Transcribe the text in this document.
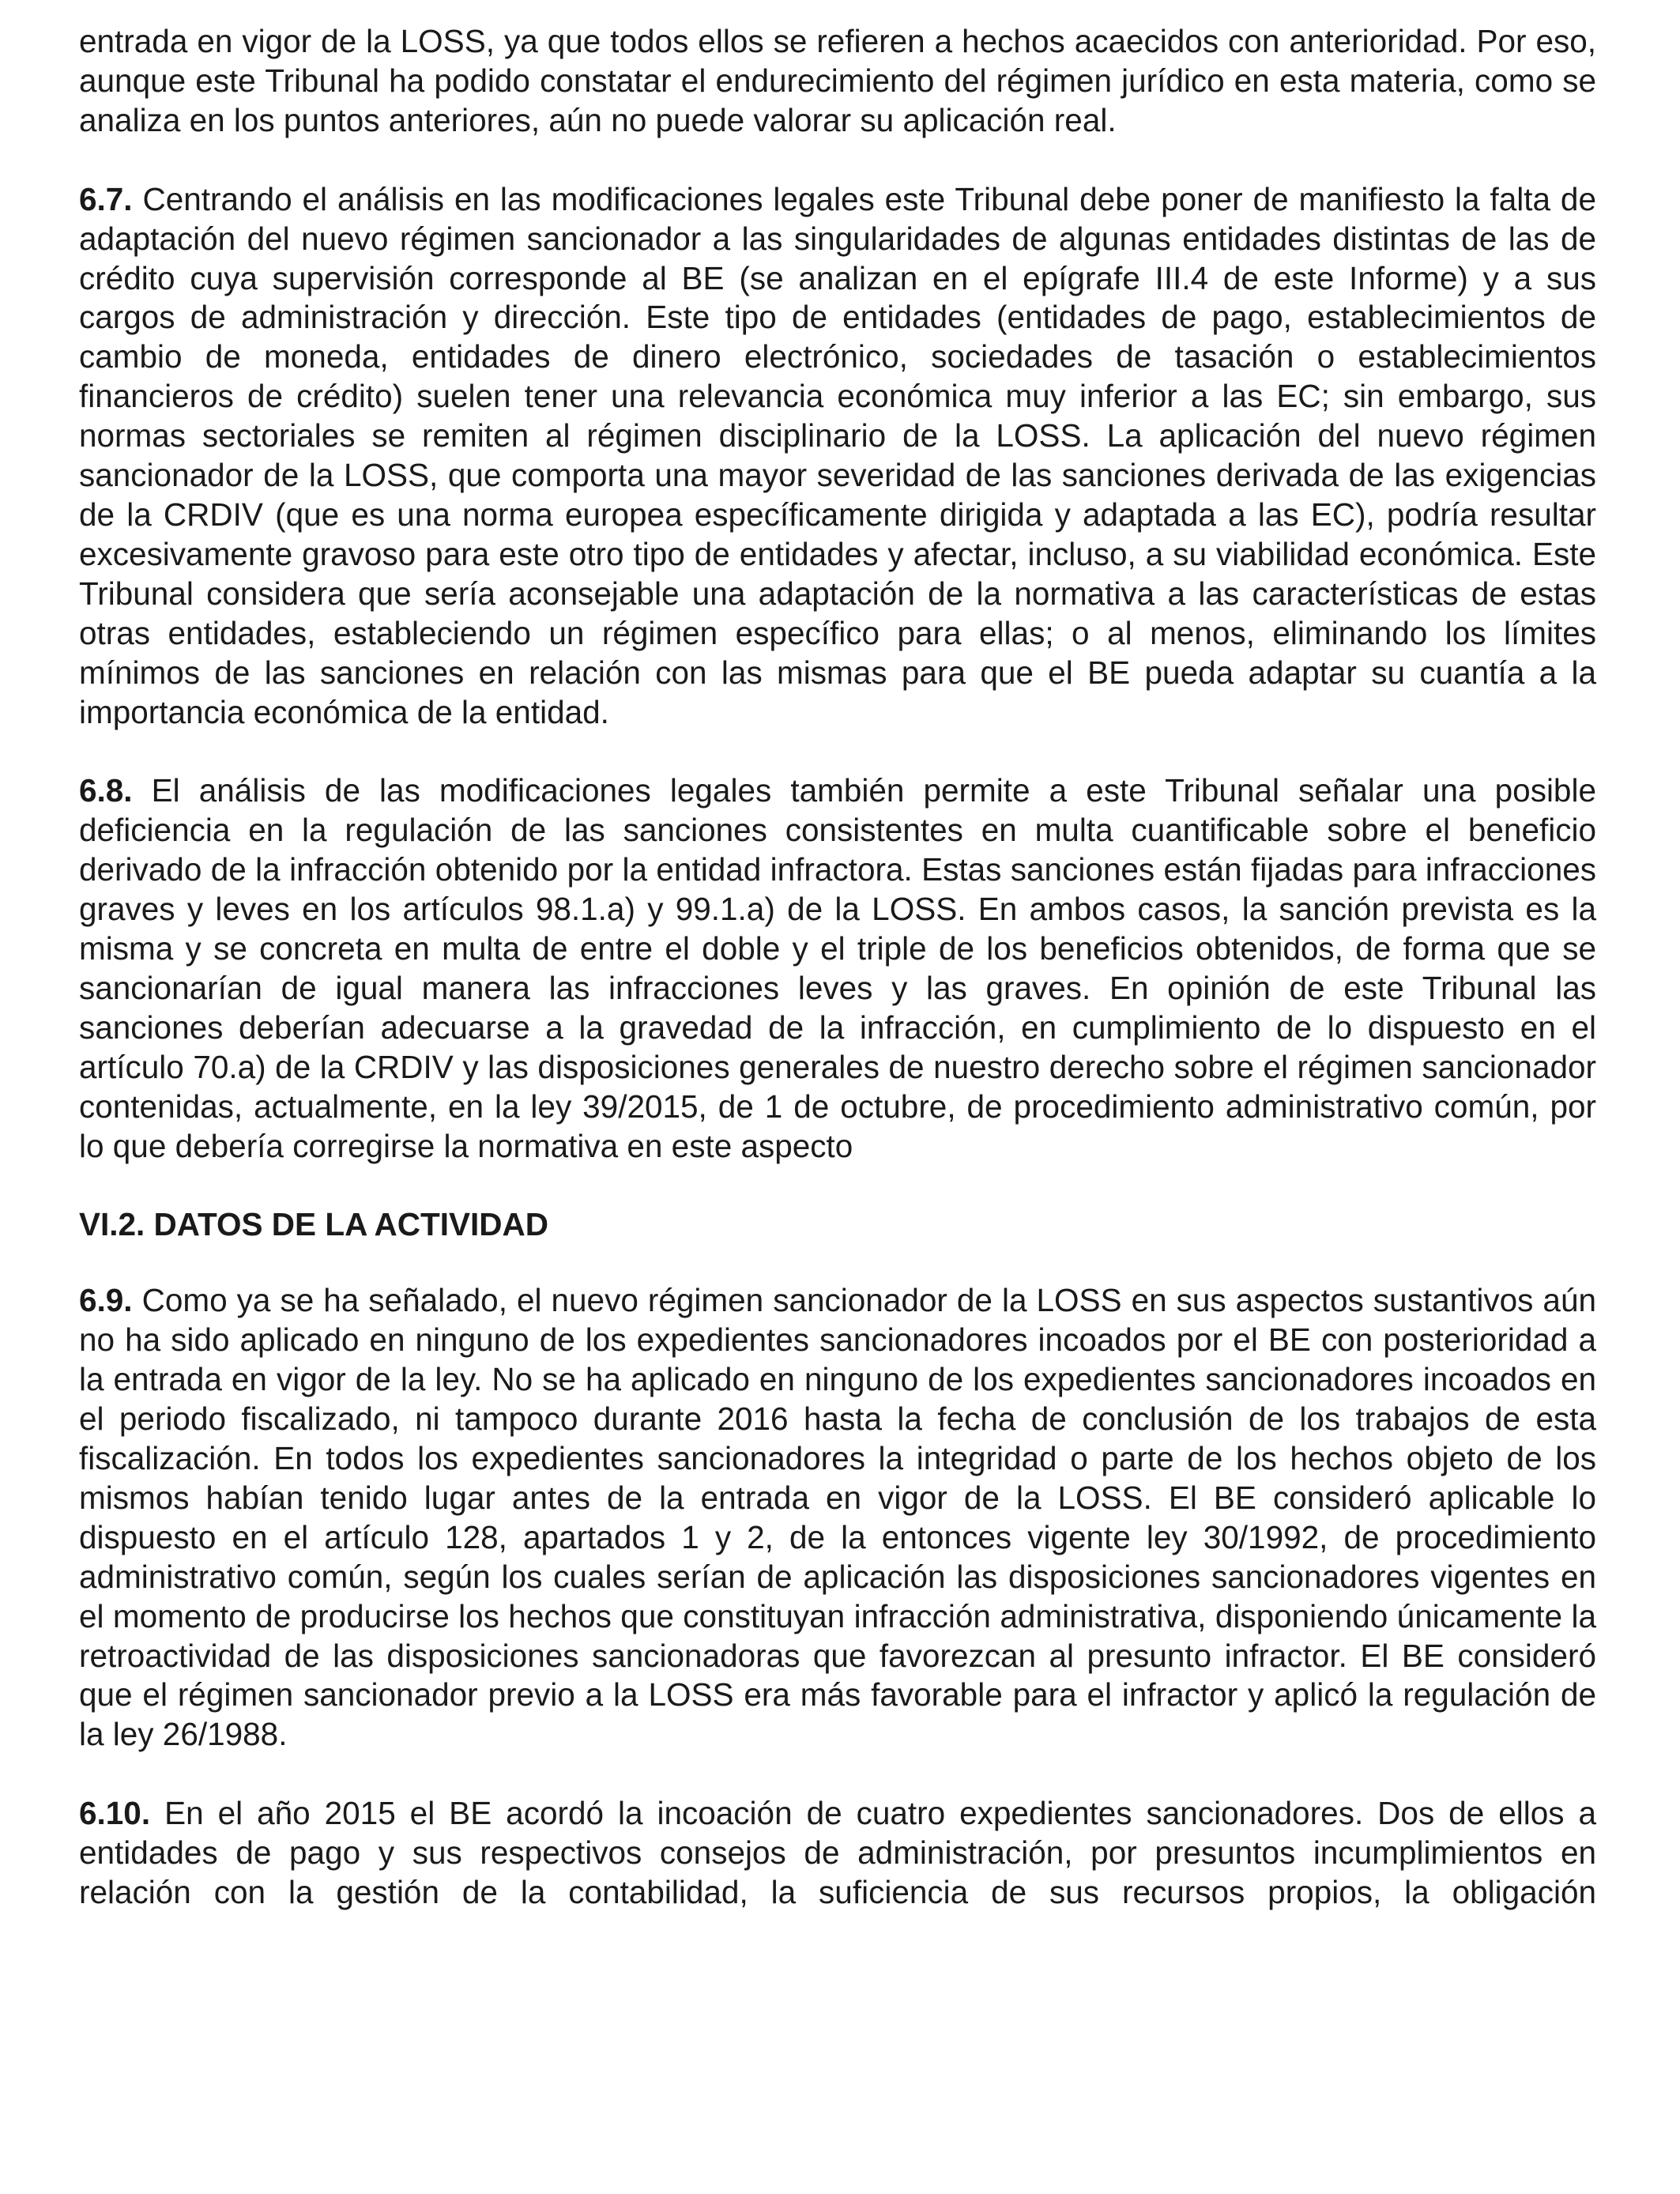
entrada en vigor de la LOSS, ya que todos ellos se refieren a hechos acaecidos con anterioridad. Por eso, aunque este Tribunal ha podido constatar el endurecimiento del régimen jurídico en esta materia, como se analiza en los puntos anteriores, aún no puede valorar su aplicación real.

6.7. Centrando el análisis en las modificaciones legales este Tribunal debe poner de manifiesto la falta de adaptación del nuevo régimen sancionador a las singularidades de algunas entidades distintas de las de crédito cuya supervisión corresponde al BE (se analizan en el epígrafe III.4 de este Informe) y a sus cargos de administración y dirección. Este tipo de entidades (entidades de pago, establecimientos de cambio de moneda, entidades de dinero electrónico, sociedades de tasación o establecimientos financieros de crédito) suelen tener una relevancia económica muy inferior a las EC; sin embargo, sus normas sectoriales se remiten al régimen disciplinario de la LOSS. La aplicación del nuevo régimen sancionador de la LOSS, que comporta una mayor severidad de las sanciones derivada de las exigencias de la CRDIV (que es una norma europea específicamente dirigida y adaptada a las EC), podría resultar excesivamente gravoso para este otro tipo de entidades y afectar, incluso, a su viabilidad económica. Este Tribunal considera que sería aconsejable una adaptación de la normativa a las características de estas otras entidades, estableciendo un régimen específico para ellas; o al menos, eliminando los límites mínimos de las sanciones en relación con las mismas para que el BE pueda adaptar su cuantía a la importancia económica de la entidad.

6.8. El análisis de las modificaciones legales también permite a este Tribunal señalar una posible deficiencia en la regulación de las sanciones consistentes en multa cuantificable sobre el beneficio derivado de la infracción obtenido por la entidad infractora. Estas sanciones están fijadas para infracciones graves y leves en los artículos 98.1.a) y 99.1.a) de la LOSS. En ambos casos, la sanción prevista es la misma y se concreta en multa de entre el doble y el triple de los beneficios obtenidos, de forma que se sancionarían de igual manera las infracciones leves y las graves. En opinión de este Tribunal las sanciones deberían adecuarse a la gravedad de la infracción, en cumplimiento de lo dispuesto en el artículo 70.a) de la CRDIV y las disposiciones generales de nuestro derecho sobre el régimen sancionador contenidas, actualmente, en la ley 39/2015, de 1 de octubre, de procedimiento administrativo común, por lo que debería corregirse la normativa en este aspecto

VI.2. DATOS DE LA ACTIVIDAD

6.9. Como ya se ha señalado, el nuevo régimen sancionador de la LOSS en sus aspectos sustantivos aún no ha sido aplicado en ninguno de los expedientes sancionadores incoados por el BE con posterioridad a la entrada en vigor de la ley. No se ha aplicado en ninguno de los expedientes sancionadores incoados en el periodo fiscalizado, ni tampoco durante 2016 hasta la fecha de conclusión de los trabajos de esta fiscalización. En todos los expedientes sancionadores la integridad o parte de los hechos objeto de los mismos habían tenido lugar antes de la entrada en vigor de la LOSS. El BE consideró aplicable lo dispuesto en el artículo 128, apartados 1 y 2, de la entonces vigente ley 30/1992, de procedimiento administrativo común, según los cuales serían de aplicación las disposiciones sancionadores vigentes en el momento de producirse los hechos que constituyan infracción administrativa, disponiendo únicamente la retroactividad de las disposiciones sancionadoras que favorezcan al presunto infractor. El BE consideró que el régimen sancionador previo a la LOSS era más favorable para el infractor y aplicó la regulación de la ley 26/1988.

6.10. En el año 2015 el BE acordó la incoación de cuatro expedientes sancionadores. Dos de ellos a entidades de pago y sus respectivos consejos de administración, por presuntos incumplimientos en relación con la gestión de la contabilidad, la suficiencia de sus recursos propios, la obligación
